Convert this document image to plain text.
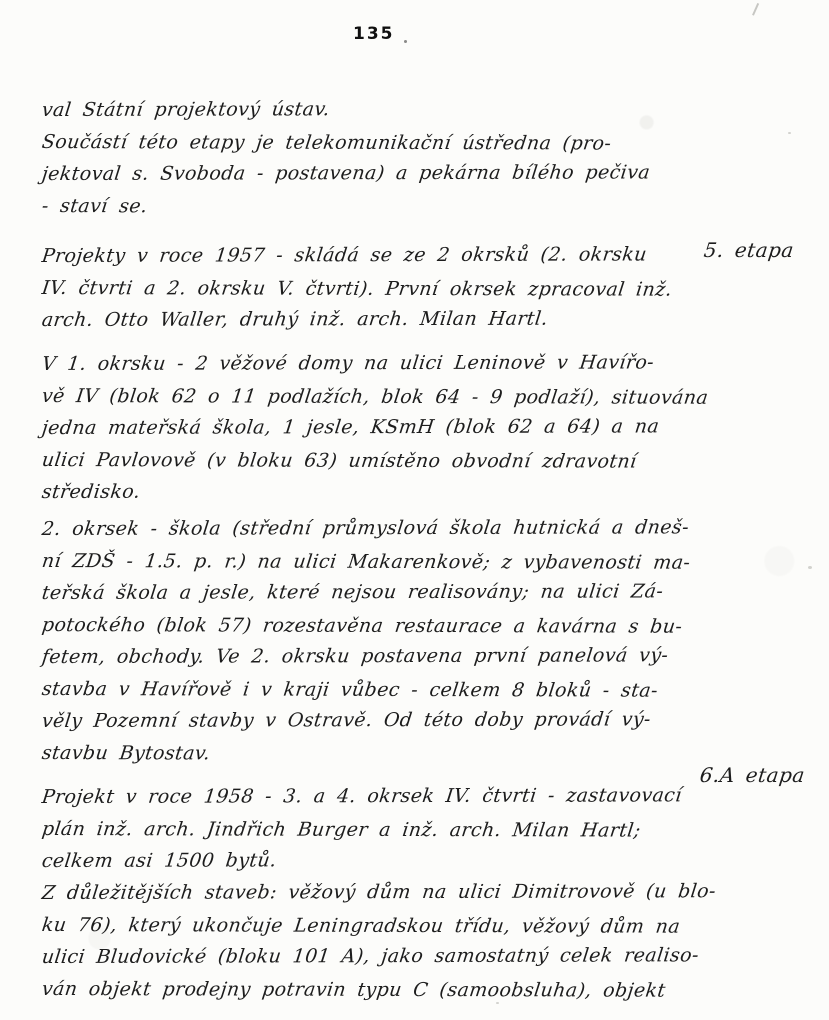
135
5. etapa
6.A etapa
val Státní projektový ústav.
Součástí této etapy je telekomunikační ústředna (pro-
jektoval s. Svoboda - postavena) a pekárna bílého pečiva
- staví se.
Projekty v roce 1957 - skládá se ze 2 okrsků (2. okrsku
IV. čtvrti a 2. okrsku V. čtvrti). První okrsek zpracoval inž.
arch. Otto Waller, druhý inž. arch. Milan Hartl.
V 1. okrsku - 2 věžové domy na ulici Leninově v Havířo-
vě IV (blok 62 o 11 podlažích, blok 64 - 9 podlaží), situována
jedna mateřská škola, 1 jesle, KSmH (blok 62 a 64) a na
ulici Pavlovově (v bloku 63) umístěno obvodní zdravotní
středisko.
2. okrsek - škola (střední průmyslová škola hutnická a dneš-
ní ZDŠ - 1.5. p. r.) na ulici Makarenkově; z vybavenosti ma-
teřská škola a jesle, které nejsou realisovány; na ulici Zá-
potockého (blok 57) rozestavěna restaurace a kavárna s bu-
fetem, obchody. Ve 2. okrsku postavena první panelová vý-
stavba v Havířově i v kraji vůbec - celkem 8 bloků - sta-
věly Pozemní stavby v Ostravě. Od této doby provádí vý-
stavbu Bytostav.
Projekt v roce 1958 - 3. a 4. okrsek IV. čtvrti - zastavovací
plán inž. arch. Jindřich Burger a inž. arch. Milan Hartl;
celkem asi 1500 bytů.
Z důležitějších staveb: věžový dům na ulici Dimitrovově (u blo-
ku 76), který ukončuje Leningradskou třídu, věžový dům na
ulici Bludovické (bloku 101 A), jako samostatný celek realiso-
ván objekt prodejny potravin typu C (samoobsluha), objekt
